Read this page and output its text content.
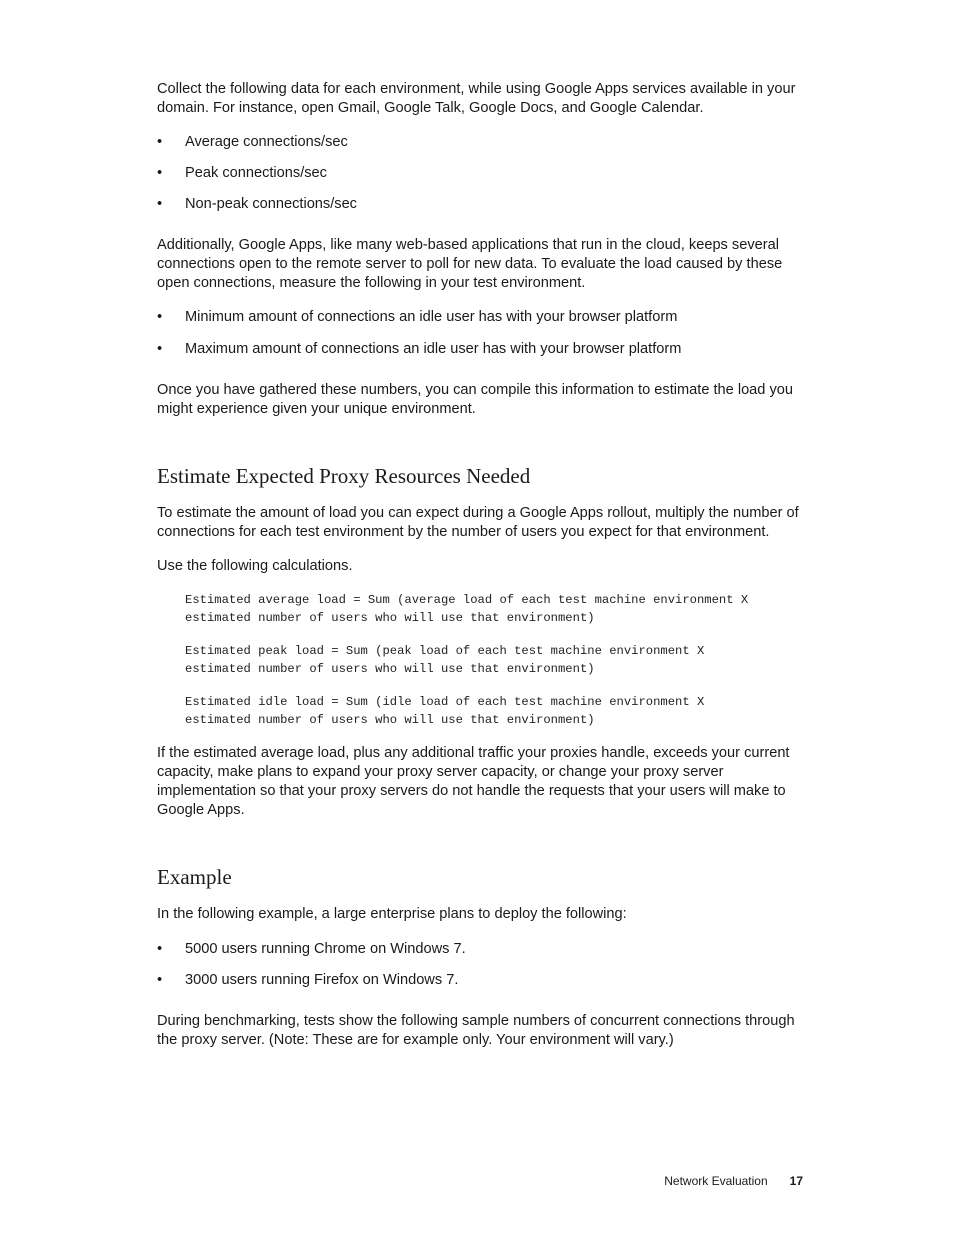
Collect the following data for each environment, while using Google Apps services available in your domain. For instance, open Gmail, Google Talk, Google Docs, and Google Calendar.

• Average connections/sec
• Peak connections/sec
• Non-peak connections/sec

Additionally, Google Apps, like many web-based applications that run in the cloud, keeps several connections open to the remote server to poll for new data. To evaluate the load caused by these open connections, measure the following in your test environment.

• Minimum amount of connections an idle user has with your browser platform
• Maximum amount of connections an idle user has with your browser platform

Once you have gathered these numbers, you can compile this information to estimate the load you might experience given your unique environment.

Estimate Expected Proxy Resources Needed

To estimate the amount of load you can expect during a Google Apps rollout, multiply the number of connections for each test environment by the number of users you expect for that environment.

Use the following calculations.

Estimated average load = Sum (average load of each test machine environment X
estimated number of users who will use that environment)
Estimated peak load = Sum (peak load of each test machine environment X
estimated number of users who will use that environment)
Estimated idle load = Sum (idle load of each test machine environment X
estimated number of users who will use that environment)

If the estimated average load, plus any additional traffic your proxies handle, exceeds your current capacity, make plans to expand your proxy server capacity, or change your proxy server implementation so that your proxy servers do not handle the requests that your users will make to Google Apps.

Example

In the following example, a large enterprise plans to deploy the following:

• 5000 users running Chrome on Windows 7.
• 3000 users running Firefox on Windows 7.

During benchmarking, tests show the following sample numbers of concurrent connections through the proxy server. (Note: These are for example only. Your environment will vary.)

Network Evaluation 17
